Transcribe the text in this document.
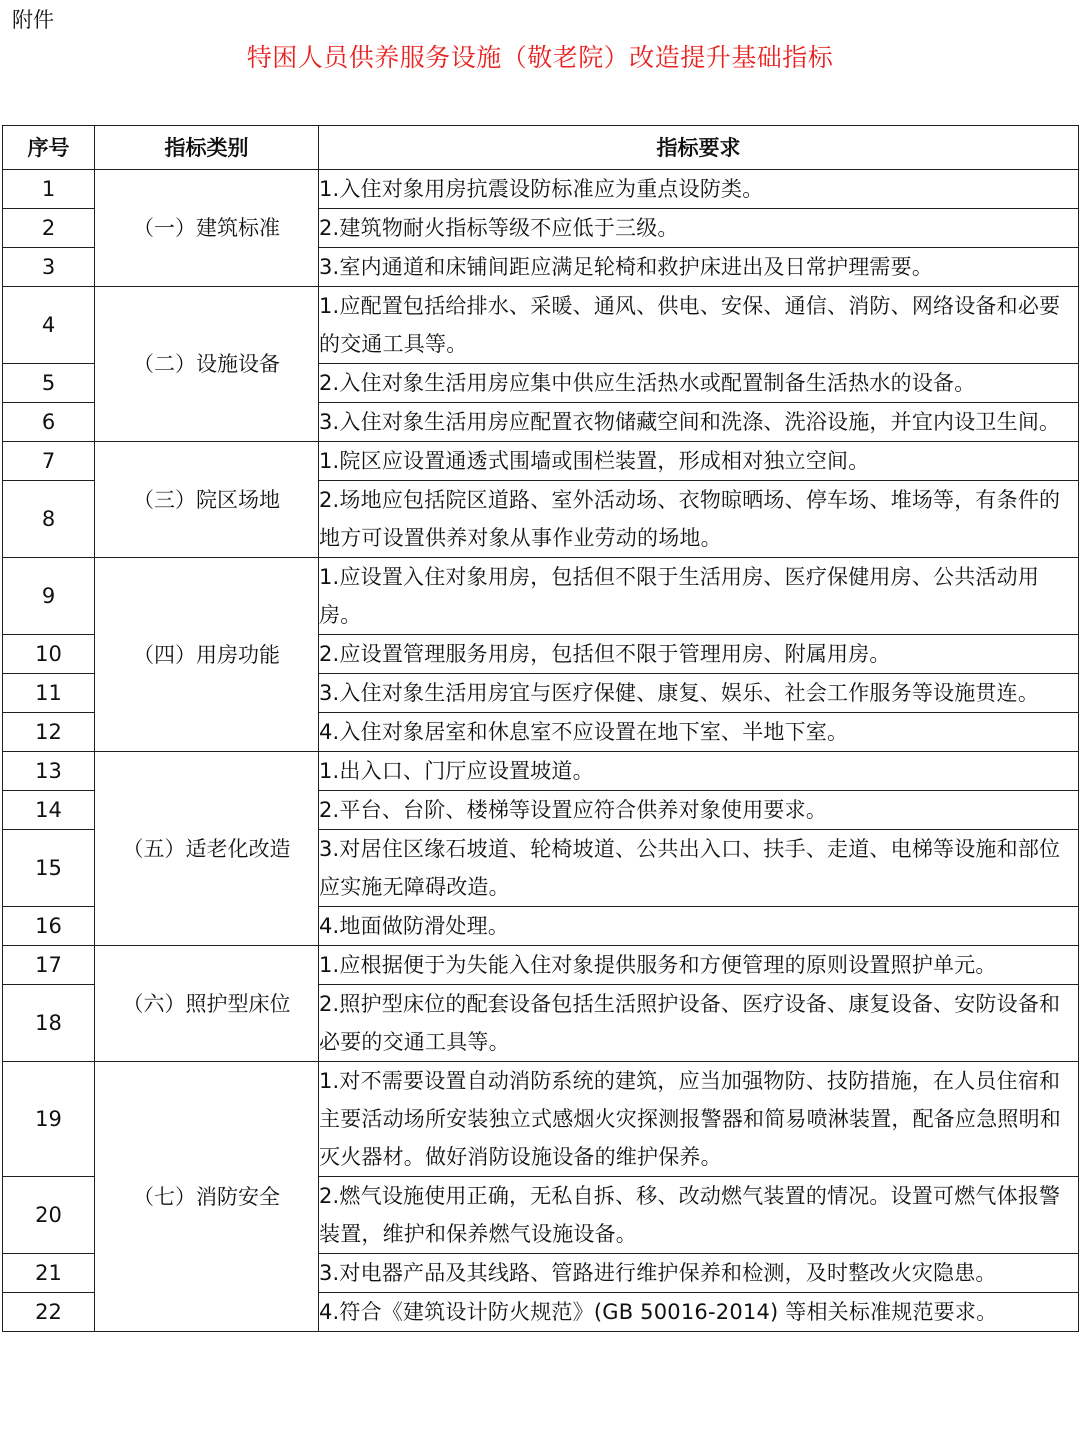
附件
特困人员供养服务设施（敬老院）改造提升基础指标
序号	指标类别	指标要求
1	（一）建筑标准	1.入住对象用房抗震设防标准应为重点设防类。
2		2.建筑物耐火指标等级不应低于三级。
3		3.室内通道和床铺间距应满足轮椅和救护床进出及日常护理需要。
4	（二）设施设备	1.应配置包括给排水、采暖、通风、供电、安保、通信、消防、网络设备和必要的交通工具等。
5		2.入住对象生活用房应集中供应生活热水或配置制备生活热水的设备。
6		3.入住对象生活用房应配置衣物储藏空间和洗涤、洗浴设施，并宜内设卫生间。
7	（三）院区场地	1.院区应设置通透式围墙或围栏装置，形成相对独立空间。
8		2.场地应包括院区道路、室外活动场、衣物晾晒场、停车场、堆场等，有条件的地方可设置供养对象从事作业劳动的场地。
9	（四）用房功能	1.应设置入住对象用房，包括但不限于生活用房、医疗保健用房、公共活动用房。
10		2.应设置管理服务用房，包括但不限于管理用房、附属用房。
11		3.入住对象生活用房宜与医疗保健、康复、娱乐、社会工作服务等设施贯连。
12		4.入住对象居室和休息室不应设置在地下室、半地下室。
13	（五）适老化改造	1.出入口、门厅应设置坡道。
14		2.平台、台阶、楼梯等设置应符合供养对象使用要求。
15		3.对居住区缘石坡道、轮椅坡道、公共出入口、扶手、走道、电梯等设施和部位应实施无障碍改造。
16		4.地面做防滑处理。
17	（六）照护型床位	1.应根据便于为失能入住对象提供服务和方便管理的原则设置照护单元。
18		2.照护型床位的配套设备包括生活照护设备、医疗设备、康复设备、安防设备和必要的交通工具等。
19	（七）消防安全	1.对不需要设置自动消防系统的建筑，应当加强物防、技防措施，在人员住宿和主要活动场所安装独立式感烟火灾探测报警器和简易喷淋装置，配备应急照明和灭火器材。做好消防设施设备的维护保养。
20		2.燃气设施使用正确，无私自拆、移、改动燃气装置的情况。设置可燃气体报警装置，维护和保养燃气设施设备。
21		3.对电器产品及其线路、管路进行维护保养和检测，及时整改火灾隐患。
22		4.符合《建筑设计防火规范》(GB 50016-2014) 等相关标准规范要求。
